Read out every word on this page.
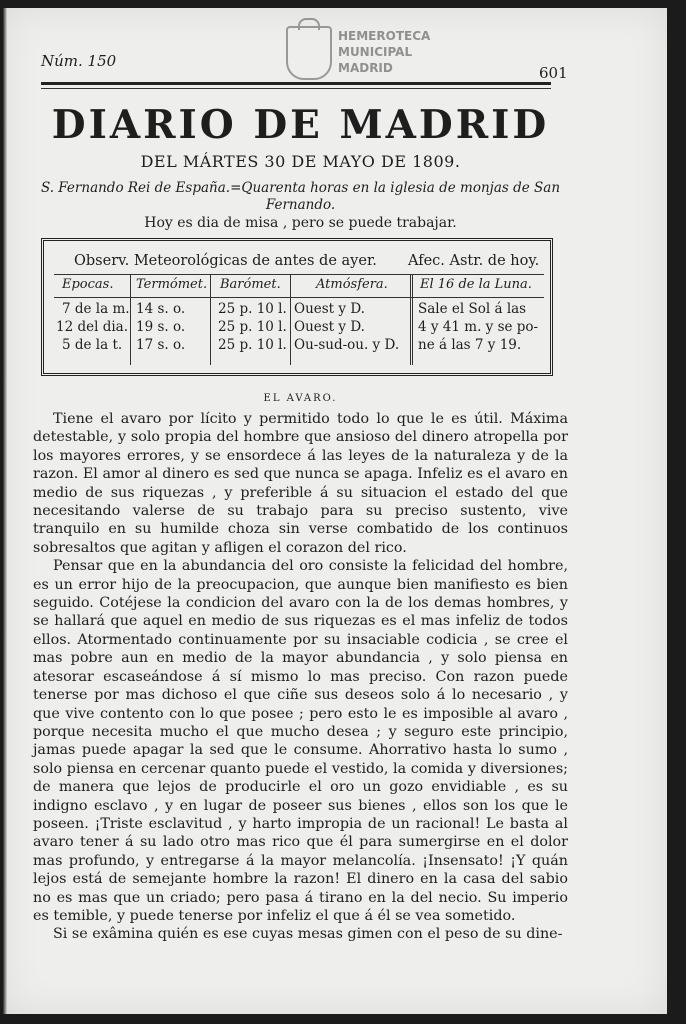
Núm. 150
HEMEROTECA
MUNICIPAL
MADRID	601
DIARIO DE MADRID
DEL MÁRTES 30 DE MAYO DE 1809.
S. Fernando Rei de España.=Quarenta horas en la iglesia de monjas de San Fernando.
Hoy es dia de misa , pero se puede trabajar.
Observ. Meteorológicas de antes de ayer. Afec. Astr. de hoy.
Epocas. Termómet. Barómet.	Atmósfera. El 16 de la Luna.
7 de la m. 14 s. o. 25 p. 10 l. Ouest y D.
12 del dia. 19 s. o. 25 p. 10 l. Ouest y D.
5 de la t. 17 s. o. 25 p. 10 l. Ou-sud-ou. y D.
Sale el Sol á las
4 y 41 m. y se po-
ne á las 7 y 19.
EL AVARO.

Tiene el avaro por lícito y permitido todo lo que le es útil. Máxima detestable, y solo propia del hombre que ansioso del dinero atropella por los mayores errores, y se ensordece á las leyes de la naturaleza y de la razon. El amor al dinero es sed que nunca se apaga. Infeliz es el avaro en medio de sus riquezas , y preferible á su situacion el estado del que necesitando valerse de su trabajo para su preciso sustento, vive tranquilo en su humilde choza sin verse combatido de los continuos sobresaltos que agitan y afligen el corazon del rico.

Pensar que en la abundancia del oro consiste la felicidad del hombre, es un error hijo de la preocupacion, que aunque bien manifiesto es bien seguido. Cotéjese la condicion del avaro con la de los demas hombres, y se hallará que aquel en medio de sus riquezas es el mas infeliz de todos ellos. Atormentado continuamente por su insaciable codicia , se cree el mas pobre aun en medio de la mayor abundancia , y solo piensa en atesorar escaseándose á sí mismo lo mas preciso. Con razon puede tenerse por mas dichoso el que ciñe sus deseos solo á lo necesario , y que vive contento con lo que posee ; pero esto le es imposible al avaro , porque necesita mucho el que mucho desea ; y seguro este principio, jamas puede apagar la sed que le consume. Ahorrativo hasta lo sumo , solo piensa en cercenar quanto puede el vestido, la comida y diversiones; de manera que lejos de producirle el oro un gozo envidiable , es su indigno esclavo , y en lugar de poseer sus bienes , ellos son los que le poseen. ¡Triste esclavitud , y harto impropia de un racional! Le basta al avaro tener á su lado otro mas rico que él para sumergirse en el dolor mas profundo, y entregarse á la mayor melancolía. ¡Insensato! ¡Y quán lejos está de semejante hombre la razon! El dinero en la casa del sabio no es mas que un criado; pero pasa á tirano en la del necio. Su imperio es temible, y puede tenerse por infeliz el que á él se vea sometido.

Si se exâmina quién es ese cuyas mesas gimen con el peso de su dine-
